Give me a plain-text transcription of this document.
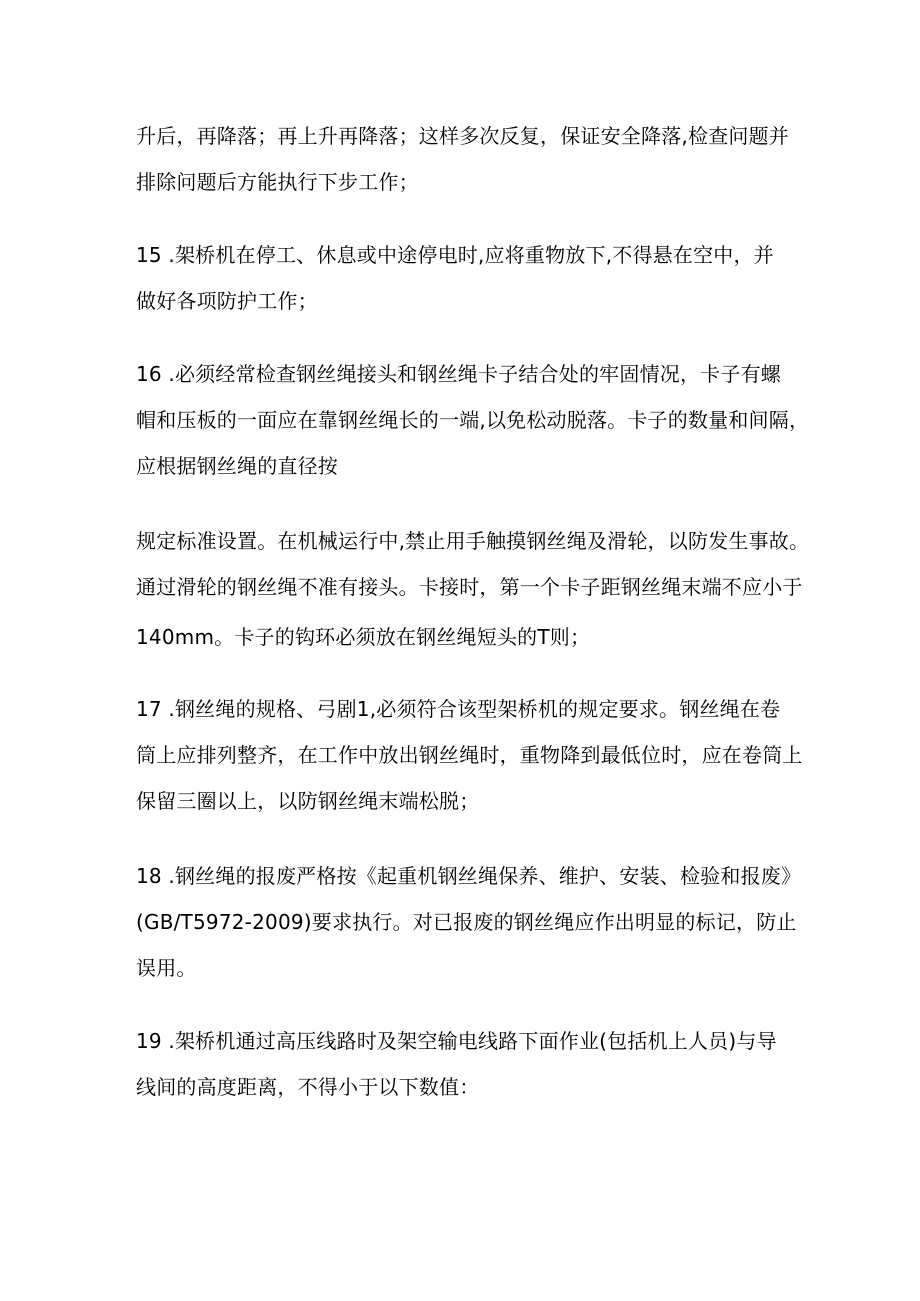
升后，再降落；再上升再降落；这样多次反复，保证安全降落,检查问题并
排除问题后方能执行下步工作；
15 .架桥机在停工、休息或中途停电时,应将重物放下,不得悬在空中，并
做好各项防护工作；
16 .必须经常检查钢丝绳接头和钢丝绳卡子结合处的牢固情况，卡子有螺
帽和压板的一面应在靠钢丝绳长的一端,以免松动脱落。卡子的数量和间隔，
应根据钢丝绳的直径按
规定标准设置。在机械运行中,禁止用手触摸钢丝绳及滑轮，以防发生事故。
通过滑轮的钢丝绳不准有接头。卡接时，第一个卡子距钢丝绳末端不应小于
140mm。卡子的钩环必须放在钢丝绳短头的T则；
17 .钢丝绳的规格、弓剧1,必须符合该型架桥机的规定要求。钢丝绳在卷
筒上应排列整齐，在工作中放出钢丝绳时，重物降到最低位时，应在卷筒上
保留三圈以上，以防钢丝绳末端松脱；
18 .钢丝绳的报废严格按《起重机钢丝绳保养、维护、安装、检验和报废》
(GB/T5972-2009)要求执行。对已报废的钢丝绳应作出明显的标记，防止
误用。
19 .架桥机通过高压线路时及架空输电线路下面作业(包括机上人员)与导
线间的高度距离，不得小于以下数值：
